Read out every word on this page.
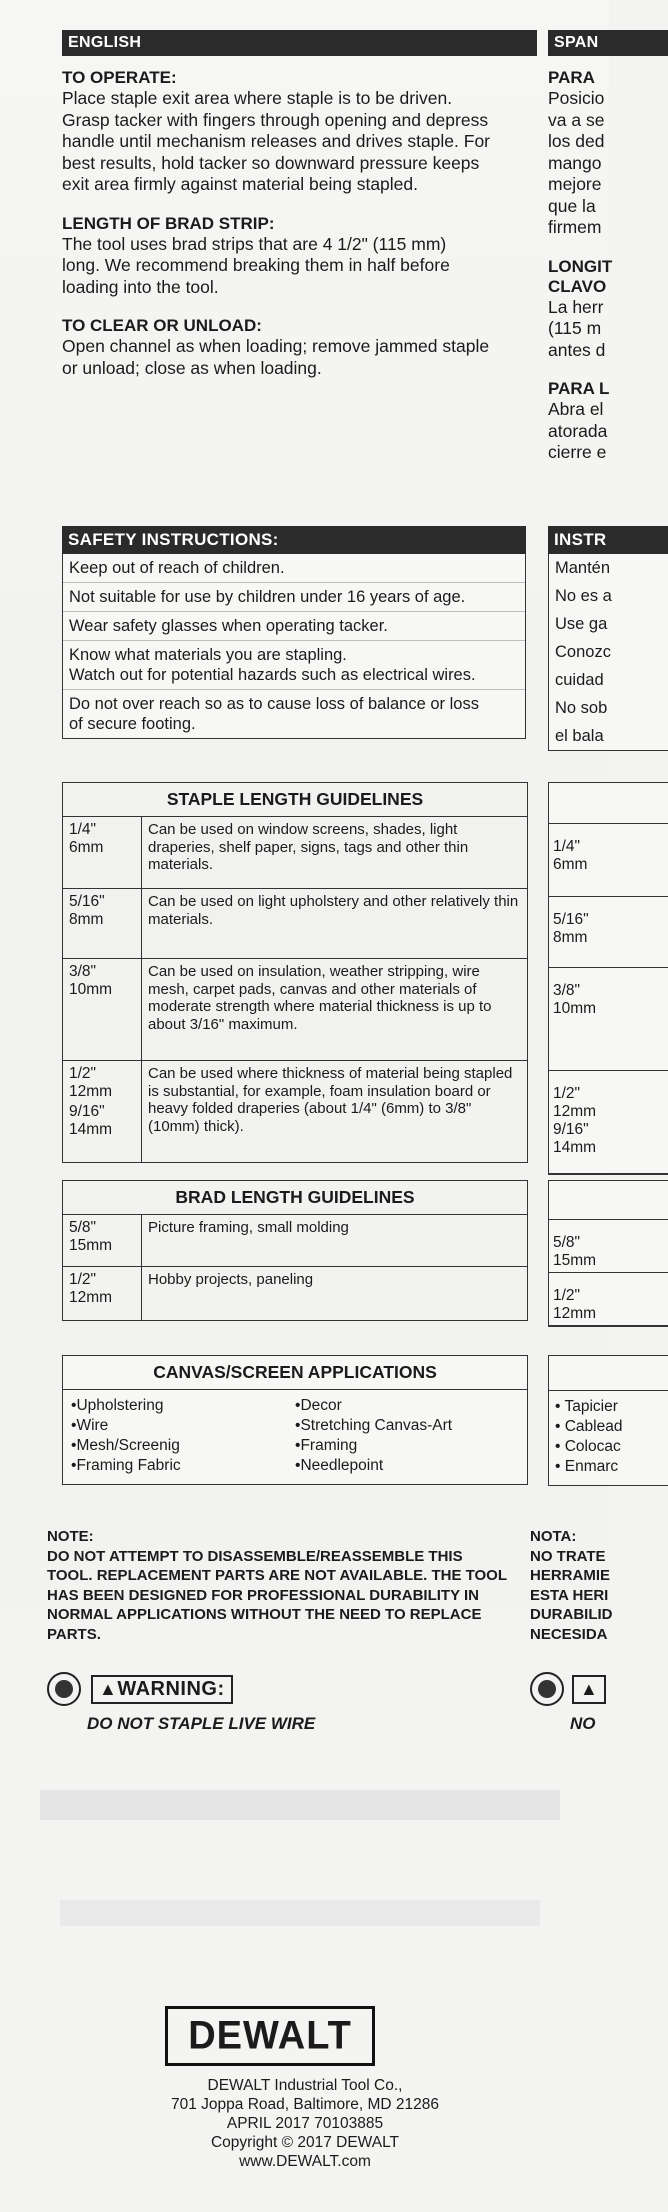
ENGLISH

TO OPERATE:

Place staple exit area where staple is to be driven.
Grasp tacker with fingers through opening and depress
handle until mechanism releases and drives staple. For
best results, hold tacker so downward pressure keeps
exit area firmly against material being stapled.

LENGTH OF BRAD STRIP:

The tool uses brad strips that are 4 1/2" (115 mm)
long. We recommend breaking them in half before
loading into the tool.

TO CLEAR OR UNLOAD:

Open channel as when loading; remove jammed staple
or unload; close as when loading.
SAFETY INSTRUCTIONS:
Keep out of reach of children.
Not suitable for use by children under 16 years of age.
Wear safety glasses when operating tacker.
Know what materials you are stapling.
Watch out for potential hazards such as electrical wires.
Do not over reach so as to cause loss of balance or loss
of secure footing.
STAPLE LENGTH GUIDELINES	

1/4"
6mm	Can be used on window screens, shades, light draperies, shelf paper, signs, tags and other thin materials.

5/16"
8mm	Can be used on light upholstery and other relatively thin materials.

3/8"
10mm	Can be used on insulation, weather stripping, wire mesh, carpet pads, canvas and other materials of moderate strength where material thickness is up to about 3/16" maximum.

1/2"
12mm
9/16"
14mm	Can be used where thickness of material being stapled is substantial, for example, foam insulation board or heavy folded draperies (about 1/4" (6mm) to 3/8" (10mm) thick).
BRAD LENGTH GUIDELINES	

5/8"
15mm	Picture framing, small molding

1/2"
12mm	Hobby projects, paneling
CANVAS/SCREEN APPLICATIONS
• Upholstering
• Wire
• Mesh/Screenig
• Framing Fabric
• Decor
• Stretching Canvas-Art
• Framing
• Needlepoint
NOTE:
DO NOT ATTEMPT TO DISASSEMBLE/REASSEMBLE THIS
TOOL. REPLACEMENT PARTS ARE NOT AVAILABLE. THE TOOL
HAS BEEN DESIGNED FOR PROFESSIONAL DURABILITY IN
NORMAL APPLICATIONS WITHOUT THE NEED TO REPLACE
PARTS.
▲WARNING:
DO NOT STAPLE LIVE WIRE
DEWALT
DEWALT Industrial Tool Co.,
701 Joppa Road, Baltimore, MD 21286
APRIL 2017 70103885
Copyright © 2017 DEWALT
www.DEWALT.com
SPAN

PARA

Posicio
va a se
los ded
mango
mejore
que la
firmem
LONGIT
CLAVO
La herr
(115 m
antes d

PARA L

Abra el
atorada
cierre e
INSTR
Mantén
No es a
Use ga
Conozc
cuidad
No sob
el bala
1/4"
6mm
5/16"
8mm
3/8"
10mm
1/2"
12mm
9/16"
14mm
5/8"
15mm
1/2"
12mm
• Tapicier
• Cablead
• Colocac
• Enmarc
NOTA:
NO TRATE
HERRAMIE
ESTA HERI
DURABILID
NECESIDA
▲
NO
